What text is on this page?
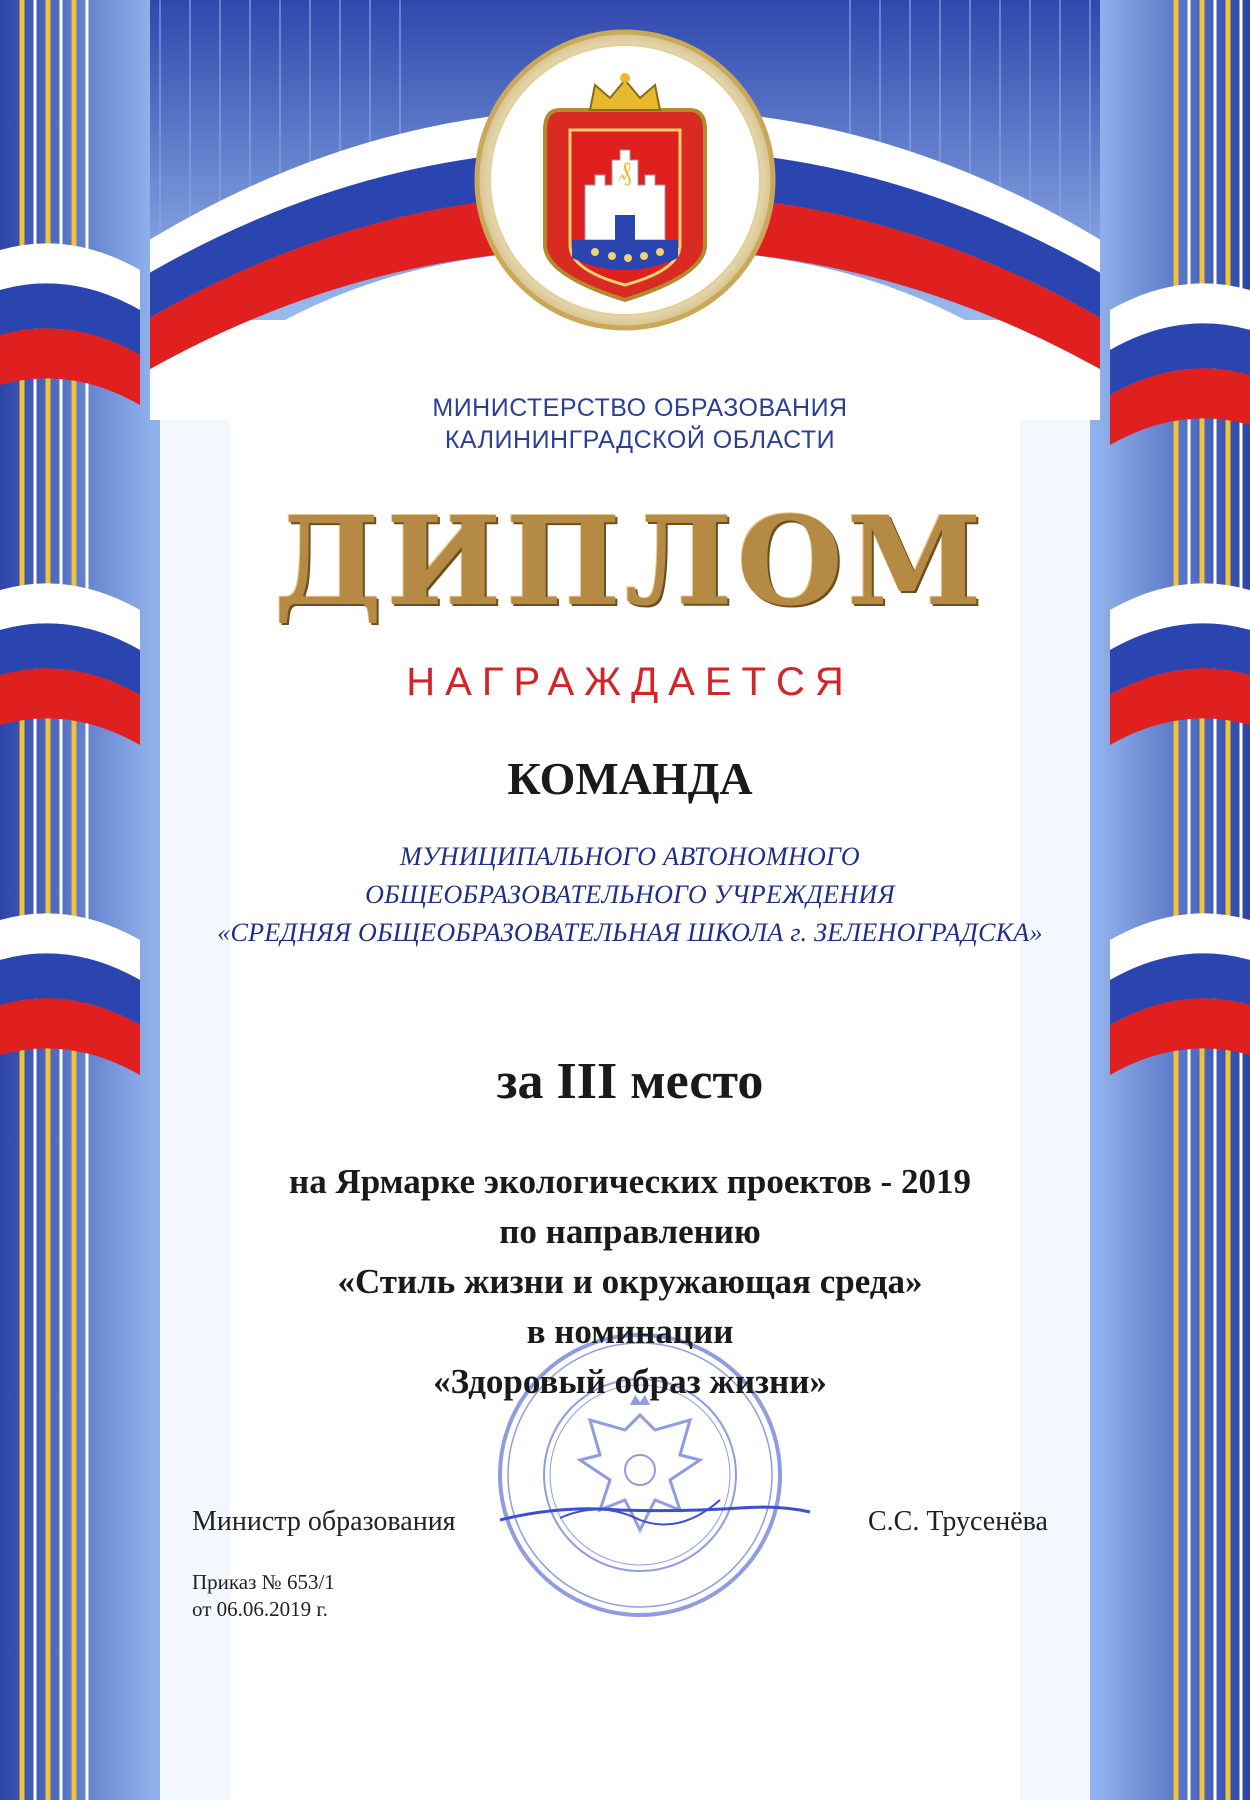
₰
МИНИСТЕРСТВО ОБРАЗОВАНИЯ
КАЛИНИНГРАДСКОЙ ОБЛАСТИ
ДИПЛОМ
НАГРАЖДАЕТСЯ
КОМАНДА
МУНИЦИПАЛЬНОГО АВТОНОМНОГО
ОБЩЕОБРАЗОВАТЕЛЬНОГО УЧРЕЖДЕНИЯ
«СРЕДНЯЯ ОБЩЕОБРАЗОВАТЕЛЬНАЯ ШКОЛА г. ЗЕЛЕНОГРАДСКА»
за III место
на Ярмарке экологических проектов - 2019
по направлению
«Стиль жизни и окружающая среда»
в номинации
«Здоровый образ жизни»
Министр образования	С.С. Трусенёва
Приказ № 653/1
от 06.06.2019 г.
